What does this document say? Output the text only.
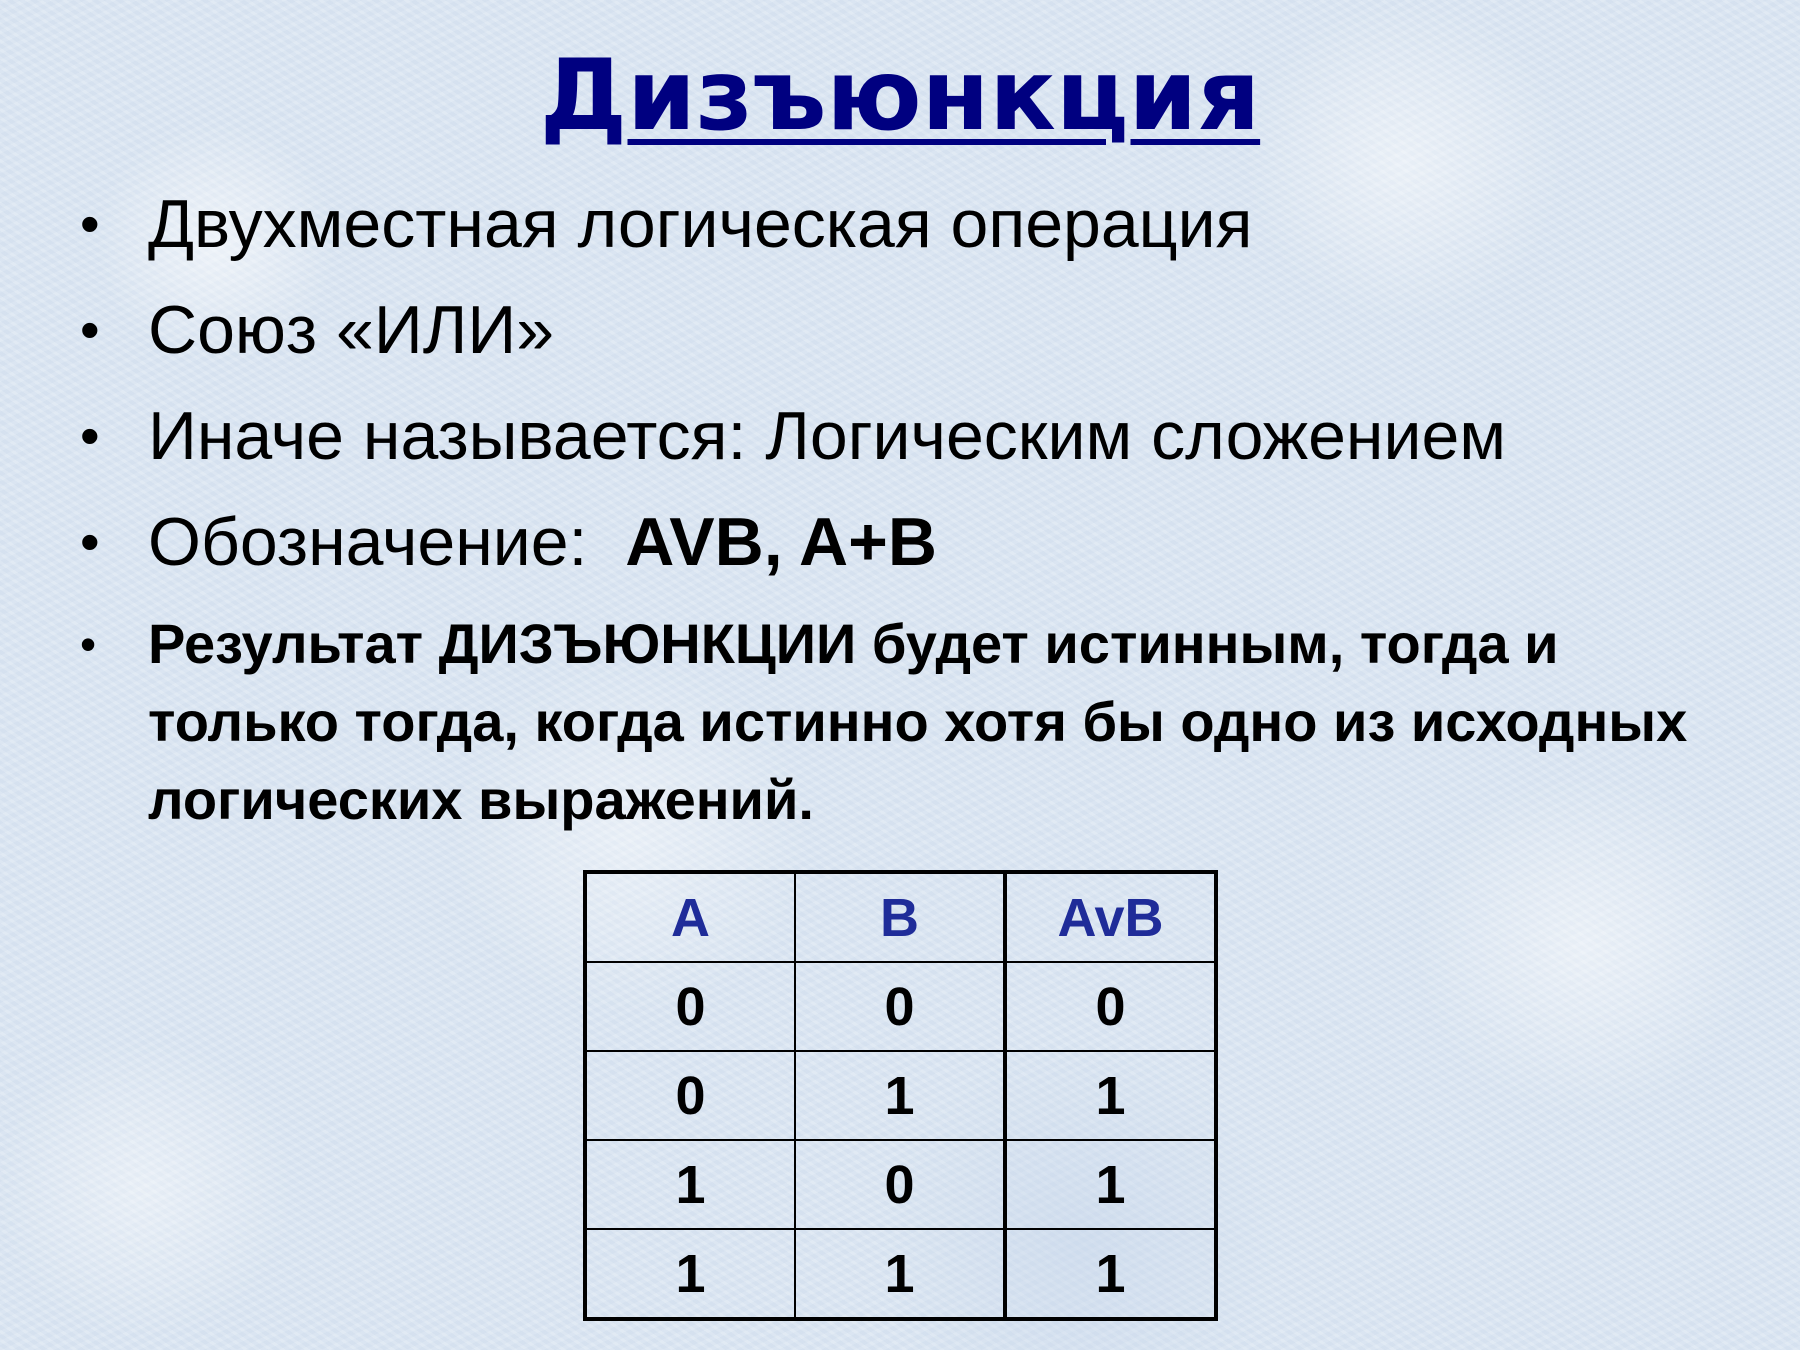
Дизъюнкция
• Двухместная логическая операция
• Союз «ИЛИ»
• Иначе называется: Логическим сложением
• Обозначение: AVB, A+B
• Результат ДИЗЪЮНКЦИИ будет истинным, тогда и только тогда, когда истинно хотя бы одно из исходных логических выражений.
A	B	AvB
0	0	0
0	1	1
1	0	1
1	1	1
